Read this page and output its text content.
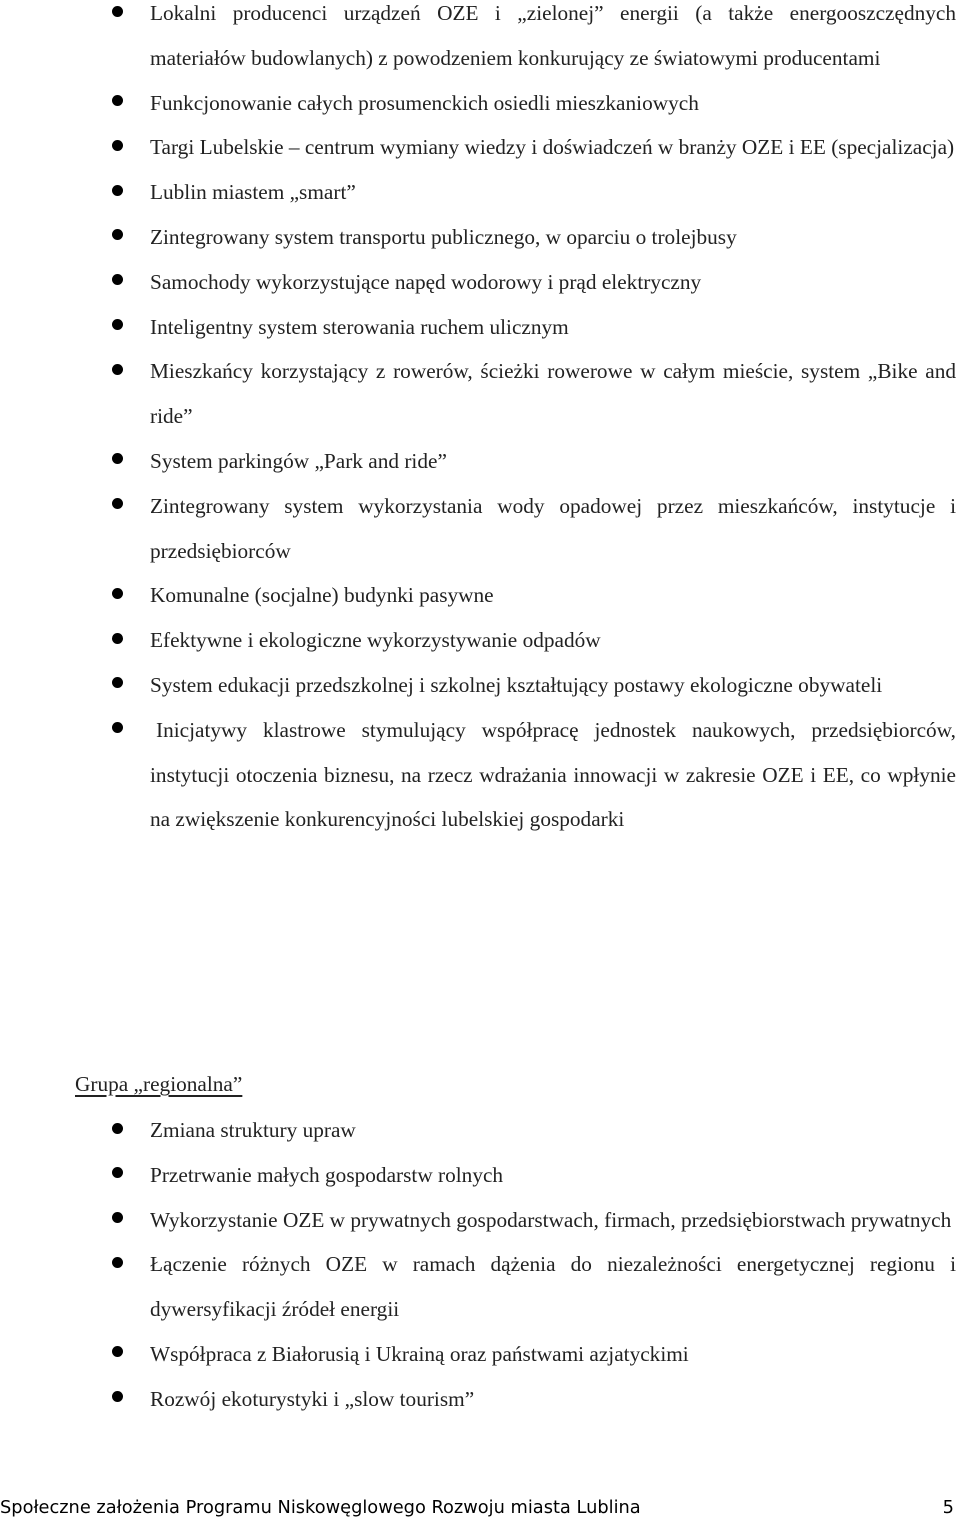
Lokalni producenci urządzeń OZE i „zielonej” energii (a także energooszczędnych materiałów budowlanych) z powodzeniem konkurujący ze światowymi producentami
Funkcjonowanie całych prosumenckich osiedli mieszkaniowych
Targi Lubelskie – centrum wymiany wiedzy i doświadczeń w branży OZE i EE (specjalizacja)
Lublin miastem „smart”
Zintegrowany system transportu publicznego, w oparciu o trolejbusy
Samochody wykorzystujące napęd wodorowy i prąd elektryczny
Inteligentny system sterowania ruchem ulicznym
Mieszkańcy korzystający z rowerów, ścieżki rowerowe w całym mieście, system „Bike and ride”
System parkingów „Park and ride”
Zintegrowany system wykorzystania wody opadowej przez mieszkańców, instytucje i przedsiębiorców
Komunalne (socjalne) budynki pasywne
Efektywne i ekologiczne wykorzystywanie odpadów
System edukacji przedszkolnej i szkolnej kształtujący postawy ekologiczne obywateli
Inicjatywy klastrowe stymulujący współpracę jednostek naukowych, przedsiębiorców, instytucji otoczenia biznesu, na rzecz wdrażania innowacji w zakresie OZE i EE, co wpłynie na zwiększenie konkurencyjności lubelskiej gospodarki
Grupa „regionalna”
Zmiana struktury upraw
Przetrwanie małych gospodarstw rolnych
Wykorzystanie OZE w prywatnych gospodarstwach, firmach, przedsiębiorstwach prywatnych
Łączenie różnych OZE w ramach dążenia do niezależności energetycznej regionu i dywersyfikacji źródeł energii
Współpraca z Białorusią i Ukrainą oraz państwami azjatyckimi
Rozwój ekoturystyki i „slow tourism”
Społeczne założenia Programu Niskowęglowego Rozwoju miasta Lublina	5
